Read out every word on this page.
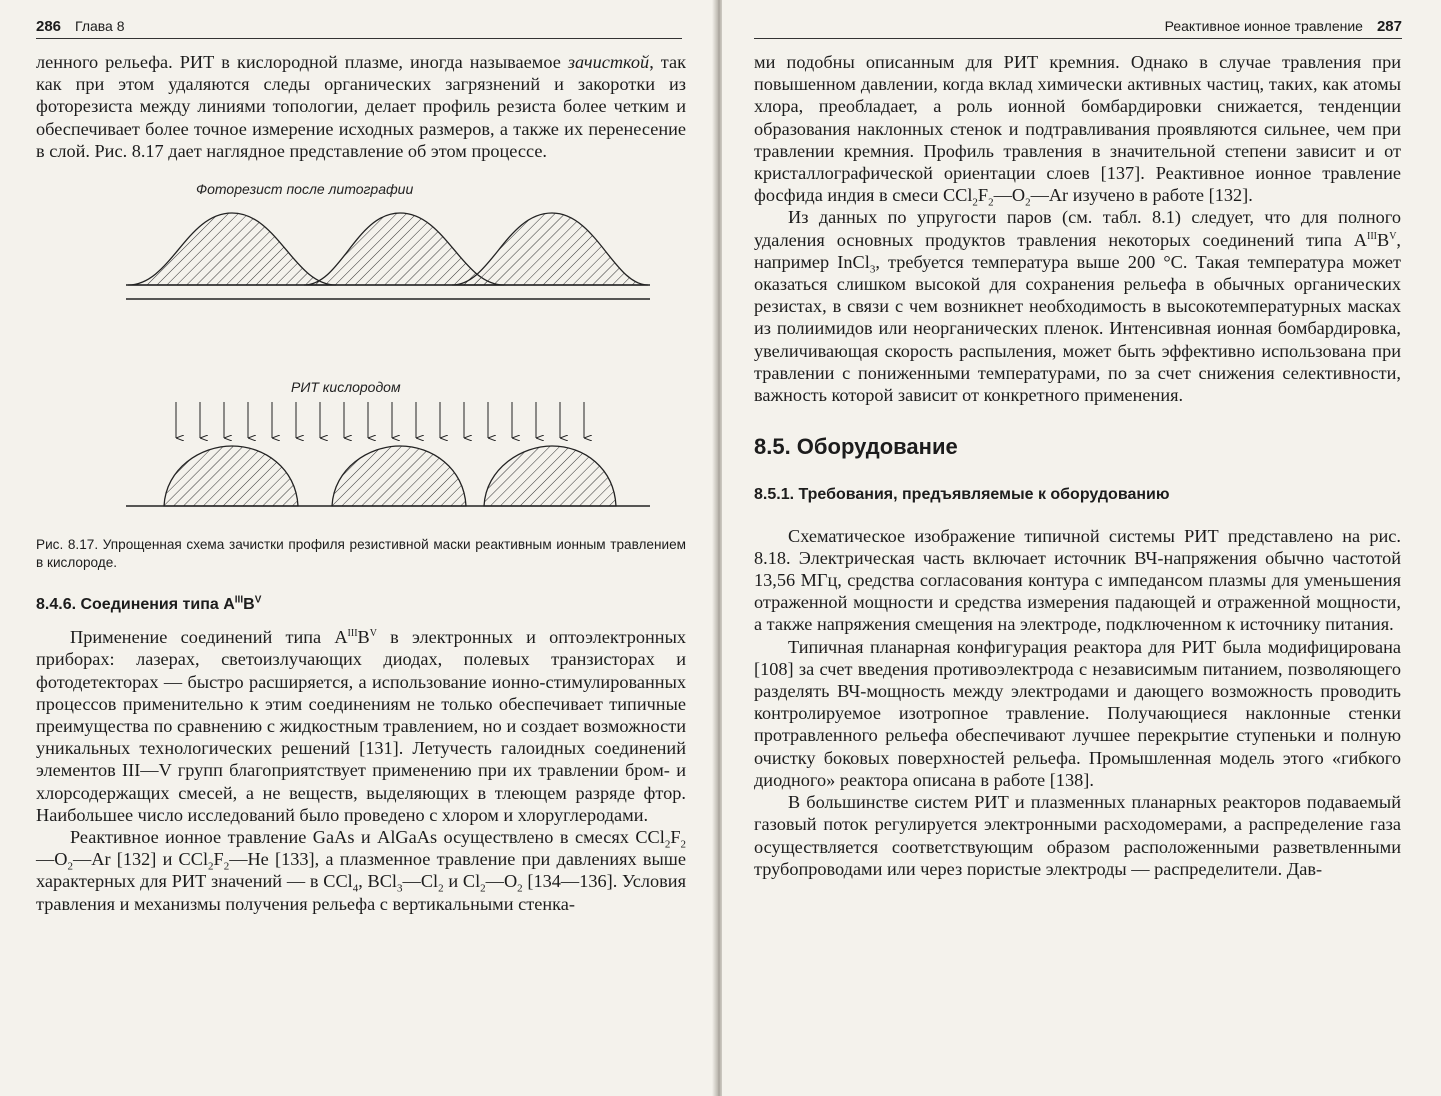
286 Глава 8

ленного рельефа. РИТ в кислородной плазме, иногда называемое зачисткой, так как при этом удаляются следы органических загрязнений и закоротки из фоторезиста между линиями топологии, делает профиль резиста более четким и обеспечивает более точное измерение исходных размеров, а также их перенесение в слой. Рис. 8.17 дает наглядное представление об этом процессе.

Фоторезист после литографии
РИТ кислородом
Рис. 8.17. Упрощенная схема зачистки профиля резистивной маски реактивным ионным травлением в кислороде.
8.4.6. Соединения типа $A^{III}B^V$

Применение соединений типа $A^{III}B^V$ в электронных и оптоэлектронных приборах: лазерах, светоизлучающих диодах, полевых транзисторах и фотодетекторах — быстро расширяется, а использование ионно-стимулированных процессов применительно к этим соединениям не только обеспечивает типичные преимущества по сравнению с жидкостным травлением, но и создает возможности уникальных технологических решений [131]. Летучесть галоидных соединений элементов III—V групп благоприятствует применению при их травлении бром- и хлорсодержащих смесей, а не веществ, выделяющих в тлеющем разряде фтор. Наибольшее число исследований было проведено с хлором и хлоруглеродами.

Реактивное ионное травление GaAs и AlGaAs осуществлено в смесях $CCl_2F_2—O_2—Ar$ [132] и $CCl_2F_2—He$ [133], а плазменное травление при давлениях выше характерных для РИТ значений — в CCl$_4$, $BCl_3—Cl_2$ и $Cl_2—O_2$ [134—136]. Условия травления и механизмы получения рельефа с вертикальными стенка-

Реактивное ионное травление 287

ми подобны описанным для РИТ кремния. Однако в случае травления при повышенном давлении, когда вклад химически активных частиц, таких, как атомы хлора, преобладает, а роль ионной бомбардировки снижается, тенденции образования наклонных стенок и подтравливания проявляются сильнее, чем при травлении кремния. Профиль травления в значительной степени зависит и от кристаллографической ориентации слоев [137]. Реактивное ионное травление фосфида индия в смеси $CCl_2F_2—O_2—Ar$ изучено в работе [132].

Из данных по упругости паров (см. табл. 8.1) следует, что для полного удаления основных продуктов травления некоторых соединений типа $A^{III}B^V$, например InCl$_3$, требуется температура выше 200 °С. Такая температура может оказаться слишком высокой для сохранения рельефа в обычных органических резистах, в связи с чем возникнет необходимость в высокотемпературных масках из полиимидов или неорганических пленок. Интенсивная ионная бомбардировка, увеличивающая скорость распыления, может быть эффективно использована при травлении с пониженными температурами, по за счет снижения селективности, важность которой зависит от конкретного применения.

8.5. Оборудование
8.5.1. Требования, предъявляемые к оборудованию

Схематическое изображение типичной системы РИТ представлено на рис. 8.18. Электрическая часть включает источник ВЧ-напряжения обычно частотой 13,56 МГц, средства согласования контура с импедансом плазмы для уменьшения отраженной мощности и средства измерения падающей и отраженной мощности, а также напряжения смещения на электроде, подключенном к источнику питания.

Типичная планарная конфигурация реактора для РИТ была модифицирована [108] за счет введения противоэлектрода с независимым питанием, позволяющего разделять ВЧ-мощность между электродами и дающего возможность проводить контролируемое изотропное травление. Получающиеся наклонные стенки протравленного рельефа обеспечивают лучшее перекрытие ступеньки и полную очистку боковых поверхностей рельефа. Промышленная модель этого «гибкого диодного» реактора описана в работе [138].

В большинстве систем РИТ и плазменных планарных реакторов подаваемый газовый поток регулируется электронными расходомерами, а распределение газа осуществляется соответствующим образом расположенными разветвленными трубопроводами или через пористые электроды — распределители. Дав-
